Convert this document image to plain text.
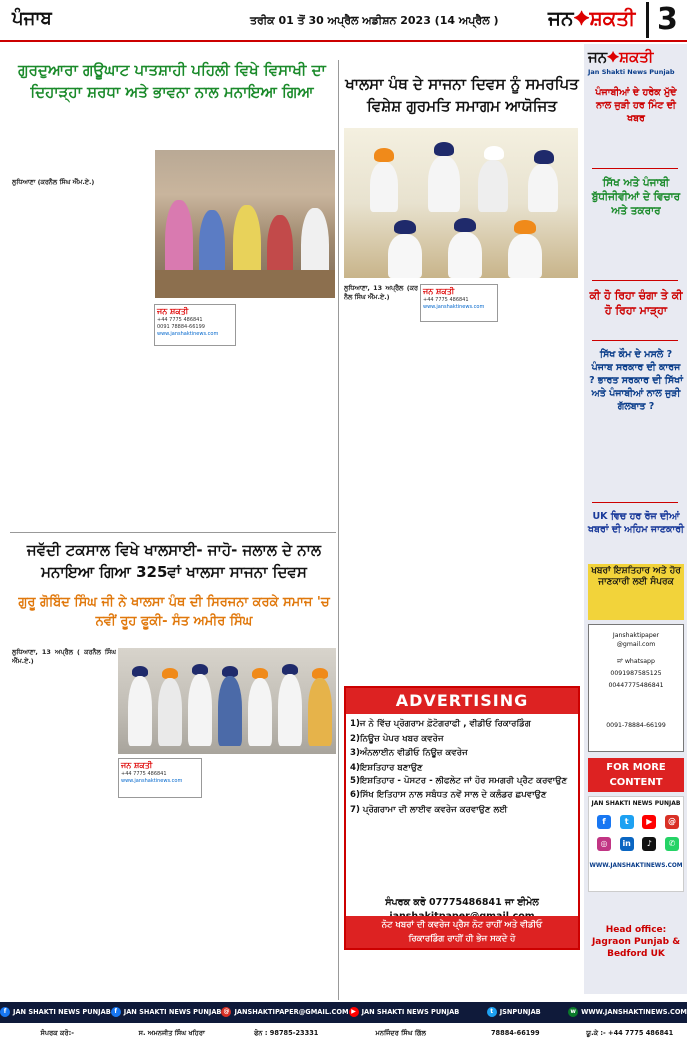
ਪੰਜਾਬ	ਤਰੀਕ 01 ਤੋਂ 30 ਅਪ੍ਰੈਲ ਅਡੀਸ਼ਨ 2023 (14 ਅਪ੍ਰੈਲ ) ਜਨ✦ਸ਼ਕਤੀ 3
ਗੁਰਦੁਆਰਾ ਗਊਘਾਟ ਪਾਤਸ਼ਾਹੀ ਪਹਿਲੀ ਵਿਖੇ ਵਿਸਾਖੀ ਦਾ ਦਿਹਾੜ੍ਹਾ ਸ਼ਰਧਾ ਅਤੇ ਭਾਵਨਾ ਨਾਲ ਮਨਾਇਆ ਗਿਆ
ਲੁਧਿਆਣਾ (ਕਰਨੈਲ ਸਿੰਘ ਐੱਮ.ਏ.)
ਜਨ ਸ਼ਕਤੀ
+44 7775 486841
0091 78884-66199
www.janshaktinews.com
ਖਾਲਸਾ ਪੰਥ ਦੇ ਸਾਜਨਾ ਦਿਵਸ ਨੂੰ ਸਮਰਪਿਤ ਵਿਸ਼ੇਸ਼ ਗੁਰਮਤਿ ਸਮਾਗਮ ਆਯੋਜਿਤ
ਲੁਧਿਆਣਾ, 13 ਅਪ੍ਰੈਲ (ਕਰਨੈਲ ਸਿੰਘ ਐੱਮ.ਏ.)
ਜਨ ਸ਼ਕਤੀ
+44 7775 486841
www.janshaktinews.com
ਜਵੱਦੀ ਟਕਸਾਲ ਵਿਖੇ ਖਾਲਸਾਈ- ਜਾਹੋ- ਜਲਾਲ ਦੇ ਨਾਲ ਮਨਾਇਆ ਗਿਆ 325ਵਾਂ ਖਾਲਸਾ ਸਾਜਨਾ ਦਿਵਸ
ਗੁਰੂ ਗੋਬਿੰਦ ਸਿੰਘ ਜੀ ਨੇ ਖਾਲਸਾ ਪੰਥ ਦੀ ਸਿਰਜਨਾ ਕਰਕੇ ਸਮਾਜ 'ਚ ਨਵੀਂ ਰੂਹ ਫੂਕੀ- ਸੰਤ ਅਮੀਰ ਸਿੰਘ
ਲੁਧਿਆਣਾ, 13 ਅਪ੍ਰੈਲ ( ਕਰਨੈਲ ਸਿੰਘ ਐੱਮ.ਏ.)
ਜਨ ਸ਼ਕਤੀ
+44 7775 486841
www.janshaktinews.com
ADVERTISING
1)ਜ ਨੇ ਵਿੱਚ ਪ੍ਰੋਗਰਾਮ ਫ਼ੋਟੋਗਰਾਫੀ , ਵੀਡੀਓ ਰਿਕਾਰਡਿੰਗ
2)ਨਿਊਜ਼ ਪੇਪਰ ਖਬਰ ਕਵਰੇਜ
3)ਅੰਨਲਾਈਨ ਵੀਡੀਓ ਨਿਊਜ਼ ਕਵਰੇਜ
4)ਇਸ਼ਤਿਹਾਰ ਬਣਾਉਣ
5)ਇਸ਼ਤਿਹਾਰ - ਪੋਸਟਰ - ਲੀਫਲੇਟ ਜਾਂ ਹੋਰ ਸਮਗਰੀ ਪ੍ਰੈਟ ਕਰਵਾਉਣ
6)ਸਿੱਖ ਇਤਿਹਾਸ ਨਾਲ ਸਬੰਧਤ ਨਵੇਂ ਸਾਲ ਦੇ ਕਲੰਡਰ ਛਪਵਾਉਣ
7) ਪ੍ਰੋਗਰਾਮਾ ਦੀ ਲਾਈਵ ਕਵਰੇਜ ਕਰਵਾਉਣ ਲਈ
ਸੰਪਰਕ ਕਰੋ 07775486841 ਜਾ ਈਮੇਲ
ਨੋਟ ਖਬਰਾਂ ਦੀ ਕਵਰੇਜ ਪ੍ਰੈਸ ਨੋਟ ਰਾਹੀਂ ਅਤੇ ਵੀਡੀਓ
ਰਿਕਾਰਡਿੰਗ ਰਾਹੀਂ ਹੀ ਭੇਜ ਸਕਦੇ ਹੋ
ਜਨ✦ਸ਼ਕਤੀ
Jan Shakti News Punjab
ਪੰਜਾਬੀਆਂ ਦੇ ਹਰੇਕ ਮੁੱਦੇ ਨਾਲ ਜੁੜੀ ਹਰ ਮਿੰਟ ਦੀ ਖਬਰ
ਸਿੱਖ ਅਤੇ ਪੰਜਾਬੀ ਬੁੱਧੀਜੀਵੀਆਂ ਦੇ ਵਿਚਾਰ ਅਤੇ ਤਕਰਾਰ
ਕੀ ਹੋ ਰਿਹਾ ਚੰਗਾ ਤੇ ਕੀ ਹੋ ਰਿਹਾ ਮਾੜ੍ਹਾ
ਸਿੱਖ ਕੌਮ ਦੇ ਮਸਲੇ ? ਪੰਜਾਬ ਸਰਕਾਰ ਦੀ ਕਾਰਜ ? ਭਾਰਤ ਸਰਕਾਰ ਦੀ ਸਿੱਖਾਂ ਅਤੇ ਪੰਜਾਬੀਆਂ ਨਾਲ ਜੁੜੀ ਗੱਲਬਾਤ ?
UK ਵਿਚ ਹਰ ਰੋਜ ਦੀਆਂ ਖਬਰਾਂ ਦੀ ਅਹਿਮ ਜਾਣਕਾਰੀ
ਖਬਰਾਂ ਇਸ਼ਤਿਹਾਰ ਅਤੇ ਹੋਰ ਜਾਣਕਾਰੀ ਲਈ ਸੰਪਰਕ
Janshaktipaper
@gmail.com
ਜਾਂ whatsapp
0091987585125
00447775486841
0091-78884-66199
FOR MORE CONTENT
JAN SHAKTI NEWS PUNJAB
f	t	▶	@
◎	in	♪	✆
WWW.JANSHAKTINEWS.COM
Head office: Jagraon Punjab & Bedford UK
f	JAN SHAKTI NEWS PUNJAB f	JAN SHAKTI NEWS PUNJAB @ JANSHAKTIPAPER@GMAIL.COM ▶ JAN SHAKTI NEWS PUNJAB	t JSNPUNJAB	w WWW.JANSHAKTINEWS.COM
ਸੰਪਰਕ ਕਰੋ:-	ਸ. ਅਮਨਜੀਤ ਸਿੰਘ ਖਹਿਰਾ	ਫੋਨ : 98785-23331	ਮਨਜਿੰਦਰ ਸਿੰਘ ਗਿੱਲ	78884-66199	ਯੂ.ਕੇ :- +44 7775 486841
